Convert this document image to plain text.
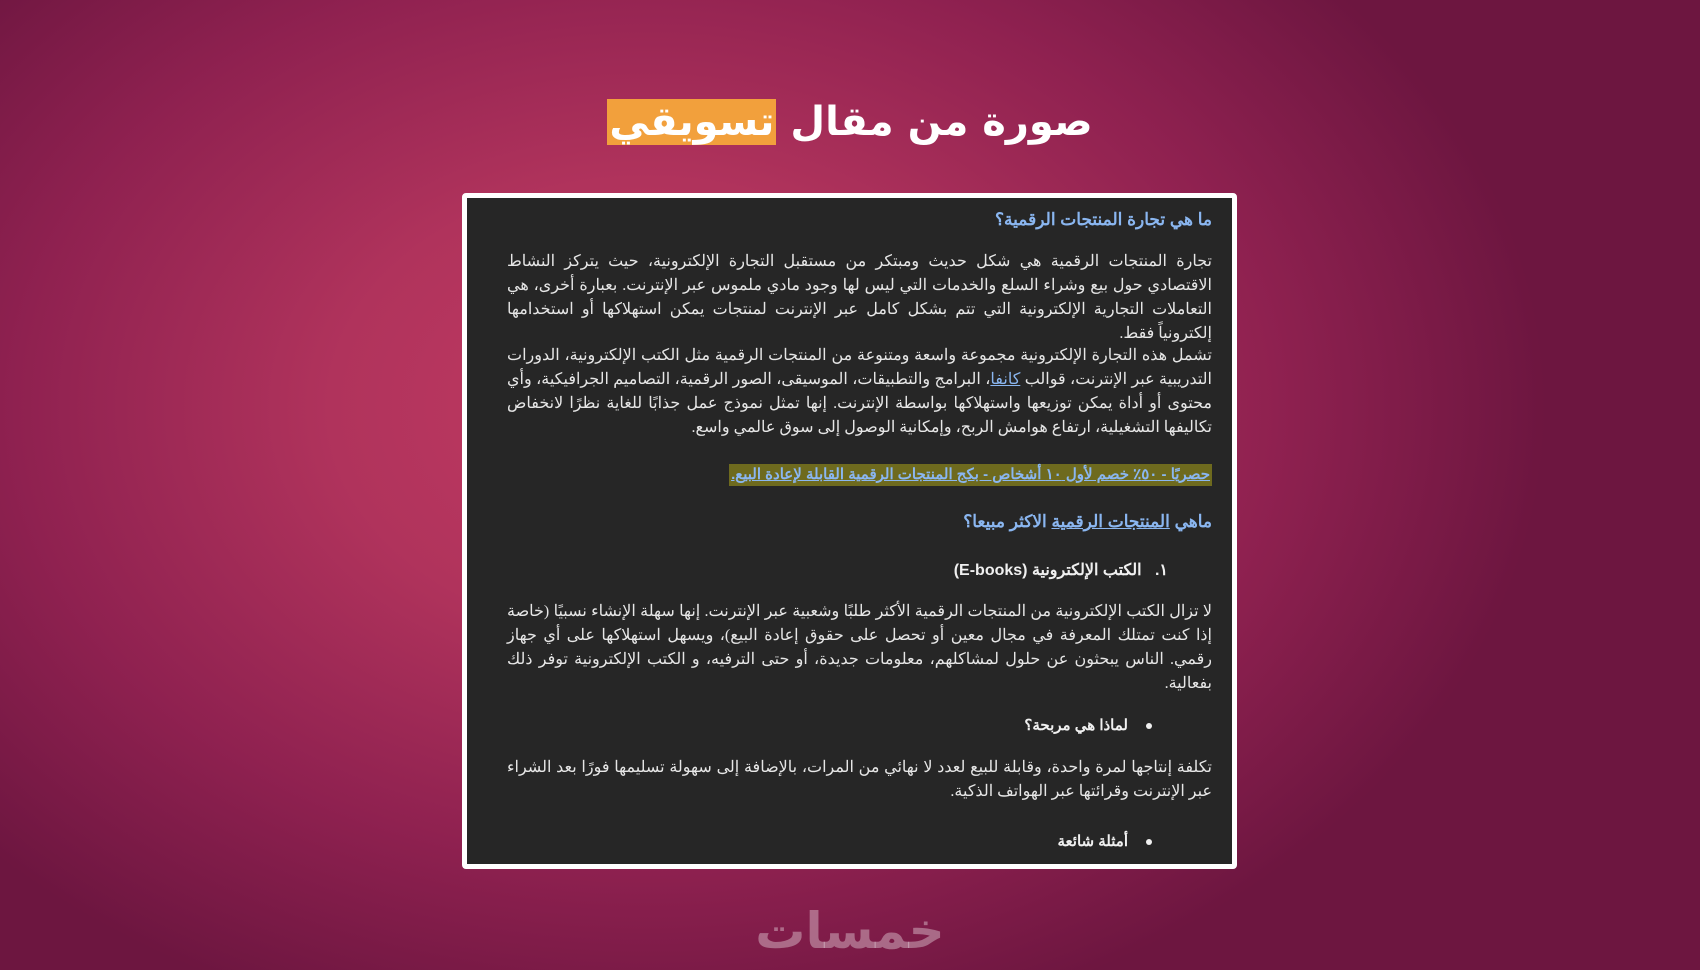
صورة من مقال تسويقي
ما هي تجارة المنتجات الرقمية؟
تجارة المنتجات الرقمية هي شكل حديث ومبتكر من مستقبل التجارة الإلكترونية، حيث يتركز النشاط الاقتصادي حول بيع وشراء السلع والخدمات التي ليس لها وجود مادي ملموس عبر الإنترنت. بعبارة أخرى، هي التعاملات التجارية الإلكترونية التي تتم بشكل كامل عبر الإنترنت لمنتجات يمكن استهلاكها أو استخدامها إلكترونياً فقط.
تشمل هذه التجارة الإلكترونية مجموعة واسعة ومتنوعة من المنتجات الرقمية مثل الكتب الإلكترونية، الدورات التدريبية عبر الإنترنت، قوالب كانفا، البرامج والتطبيقات، الموسيقى، الصور الرقمية، التصاميم الجرافيكية، وأي محتوى أو أداة يمكن توزيعها واستهلاكها بواسطة الإنترنت. إنها تمثل نموذج عمل جذابًا للغاية نظرًا لانخفاض تكاليفها التشغيلية، ارتفاع هوامش الربح، وإمكانية الوصول إلى سوق عالمي واسع.
حصريًا - ٥٠٪ خصم لأول ١٠ أشخاص - بكج المنتجات الرقمية القابلة لإعادة البيع.
ماهي المنتجات الرقمية الاكثر مبيعا؟
١.   الكتب الإلكترونية (E-books)
لا تزال الكتب الإلكترونية من المنتجات الرقمية الأكثر طلبًا وشعبية عبر الإنترنت. إنها سهلة الإنشاء نسبيًا (خاصة إذا كنت تمتلك المعرفة في مجال معين أو تحصل على حقوق إعادة البيع)، ويسهل استهلاكها على أي جهاز رقمي. الناس يبحثون عن حلول لمشاكلهم، معلومات جديدة، أو حتى الترفيه، و الكتب الإلكترونية توفر ذلك بفعالية.
لماذا هي مربحة؟
تكلفة إنتاجها لمرة واحدة، وقابلة للبيع لعدد لا نهائي من المرات، بالإضافة إلى سهولة تسليمها فورًا بعد الشراء عبر الإنترنت وقرائتها عبر الهواتف الذكية.
أمثلة شائعة
خمسات
